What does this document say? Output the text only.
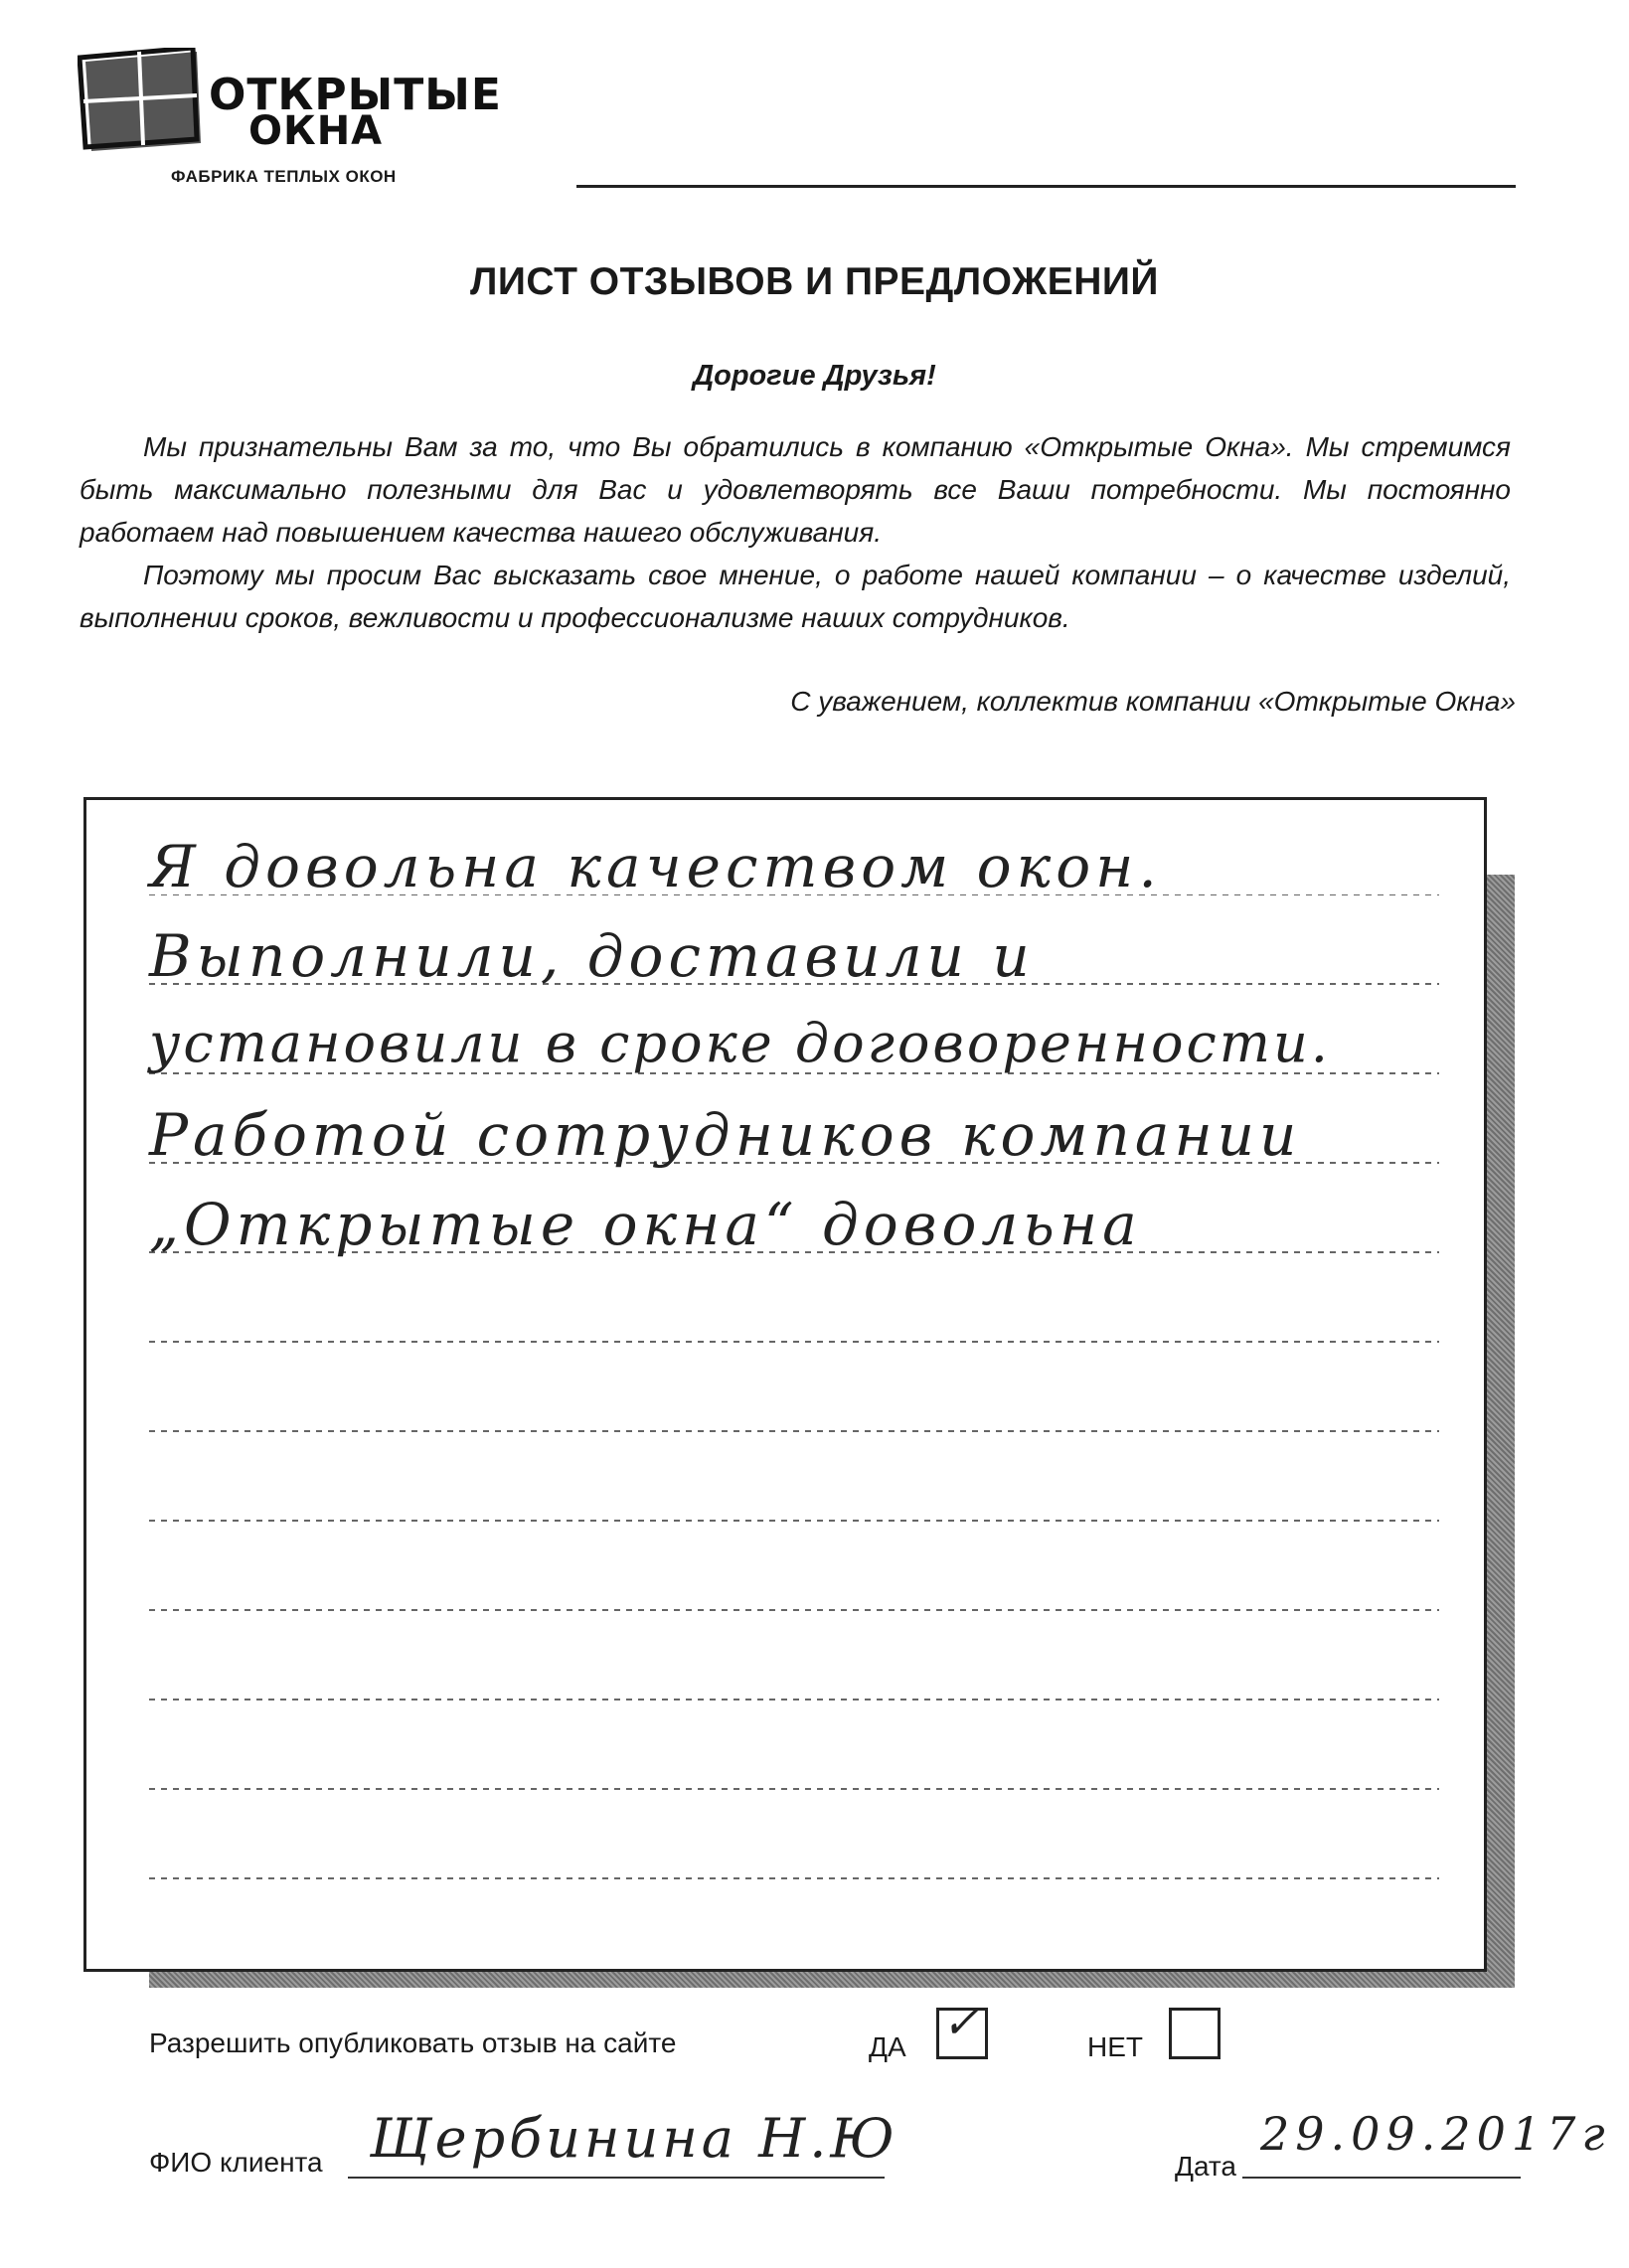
ОТКРЫТЫЕ
ОКНА
ФАБРИКА ТЕПЛЫХ ОКОН
ЛИСТ ОТЗЫВОВ И ПРЕДЛОЖЕНИЙ
Дорогие Друзья!

Мы признательны Вам за то, что Вы обратились в компанию «Открытые Окна». Мы стремимся быть максимально полезными для Вас и удовлетворять все Ваши потребности. Мы постоянно работаем над повышением качества нашего обслуживания.

Поэтому мы просим Вас высказать свое мнение, о работе нашей компании – о качестве изделий, выполнении сроков, вежливости и профессионализме наших сотрудников.

С уважением, коллектив компании «Открытые Окна»
Я довольна качеством окон.
Выполнили, доставили и
установили в сроке договоренности.
Работой сотрудников компании
„Открытые окна“ довольна
Разрешить опубликовать отзыв на сайте	ДА ✓	НЕТ
ФИО клиента Щербинина Н.Ю	Дата
29.09.2017г
